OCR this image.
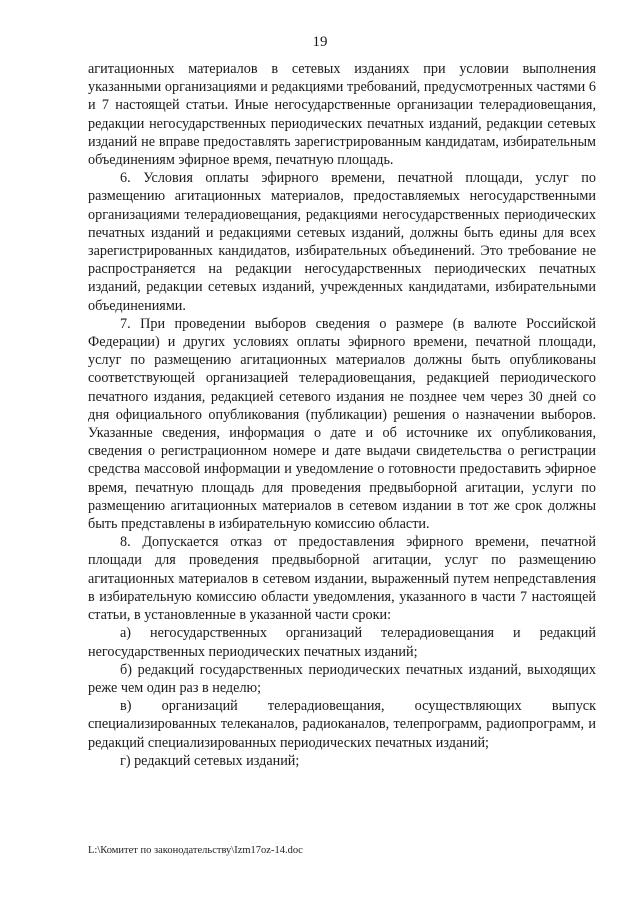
19

агитационных материалов в сетевых изданиях при условии выполнения указанными организациями и редакциями требований, предусмотренных частями 6 и 7 настоящей статьи. Иные негосударственные организации телерадиовещания, редакции негосударственных периодических печатных изданий, редакции сетевых изданий не вправе предоставлять зарегистрированным кандидатам, избирательным объединениям эфирное время, печатную площадь.

6. Условия оплаты эфирного времени, печатной площади, услуг по размещению агитационных материалов, предоставляемых негосударственными организациями телерадиовещания, редакциями негосударственных периодических печатных изданий и редакциями сетевых изданий, должны быть едины для всех зарегистрированных кандидатов, избирательных объединений. Это требование не распространяется на редакции негосударственных периодических печатных изданий, редакции сетевых изданий, учрежденных кандидатами, избирательными объединениями.

7. При проведении выборов сведения о размере (в валюте Российской Федерации) и других условиях оплаты эфирного времени, печатной площади, услуг по размещению агитационных материалов должны быть опубликованы соответствующей организацией телерадиовещания, редакцией периодического печатного издания, редакцией сетевого издания не позднее чем через 30 дней со дня официального опубликования (публикации) решения о назначении выборов. Указанные сведения, информация о дате и об источнике их опубликования, сведения о регистрационном номере и дате выдачи свидетельства о регистрации средства массовой информации и уведомление о готовности предоставить эфирное время, печатную площадь для проведения предвыборной агитации, услуги по размещению агитационных материалов в сетевом издании в тот же срок должны быть представлены в избирательную комиссию области.

8. Допускается отказ от предоставления эфирного времени, печатной площади для проведения предвыборной агитации, услуг по размещению агитационных материалов в сетевом издании, выраженный путем непредставления в избирательную комиссию области уведомления, указанного в части 7 настоящей статьи, в установленные в указанной части сроки:

а) негосударственных организаций телерадиовещания и редакций негосударственных периодических печатных изданий;

б) редакций государственных периодических печатных изданий, выходящих реже чем один раз в неделю;

в) организаций телерадиовещания, осуществляющих выпуск специализированных телеканалов, радиоканалов, телепрограмм, радиопрограмм, и редакций специализированных периодических печатных изданий;

г) редакций сетевых изданий;

L:\Комитет по законодательству\Izm17oz-14.doc
